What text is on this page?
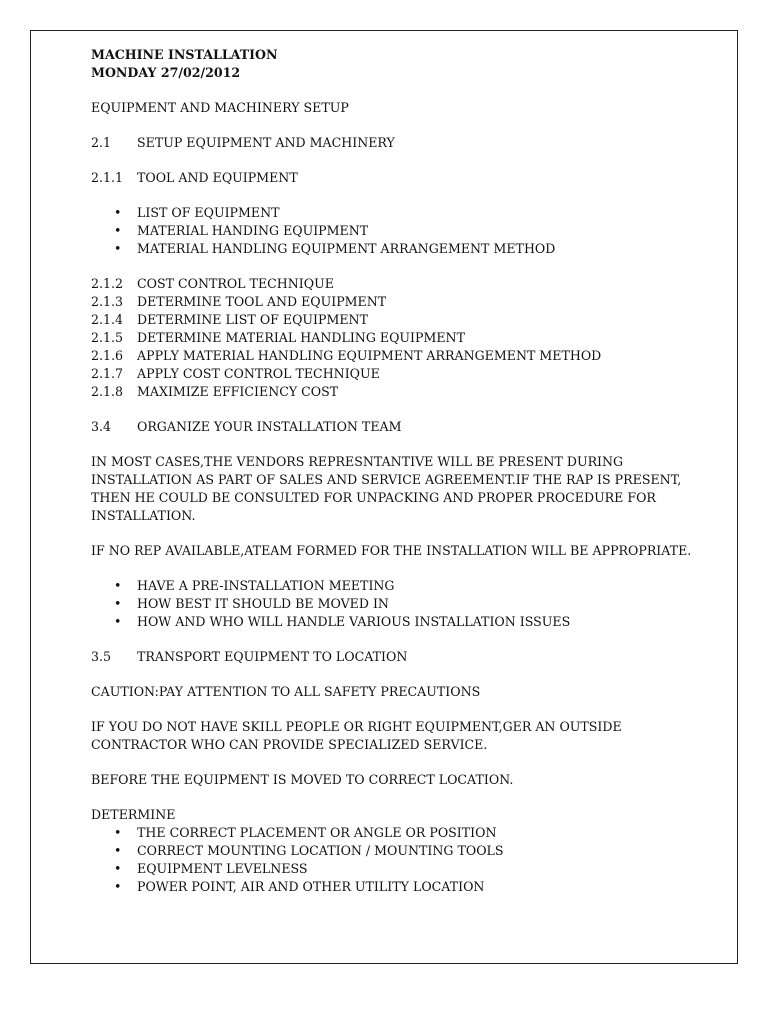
MACHINE INSTALLATION
MONDAY 27/02/2012
EQUIPMENT AND MACHINERY SETUP
2.1	SETUP EQUIPMENT AND MACHINERY
2.1.1	TOOL AND EQUIPMENT
• LIST OF EQUIPMENT
• MATERIAL HANDING EQUIPMENT
• MATERIAL HANDLING EQUIPMENT ARRANGEMENT METHOD
2.1.2	COST CONTROL TECHNIQUE
2.1.3	DETERMINE TOOL AND EQUIPMENT
2.1.4	DETERMINE LIST OF EQUIPMENT
2.1.5	DETERMINE MATERIAL HANDLING EQUIPMENT
2.1.6	APPLY MATERIAL HANDLING EQUIPMENT ARRANGEMENT METHOD
2.1.7	APPLY COST CONTROL TECHNIQUE
2.1.8	MAXIMIZE EFFICIENCY COST
3.4	ORGANIZE YOUR INSTALLATION TEAM
IN MOST CASES,THE VENDORS REPRESNTANTIVE WILL BE PRESENT DURING
INSTALLATION AS PART OF SALES AND SERVICE AGREEMENT.IF THE RAP IS PRESENT,
THEN HE COULD BE CONSULTED FOR UNPACKING AND PROPER PROCEDURE FOR
INSTALLATION.
IF NO REP AVAILABLE,ATEAM FORMED FOR THE INSTALLATION WILL BE APPROPRIATE.
• HAVE A PRE-INSTALLATION MEETING
• HOW BEST IT SHOULD BE MOVED IN
• HOW AND WHO WILL HANDLE VARIOUS INSTALLATION ISSUES
3.5	TRANSPORT EQUIPMENT TO LOCATION
CAUTION:PAY ATTENTION TO ALL SAFETY PRECAUTIONS
IF YOU DO NOT HAVE SKILL PEOPLE OR RIGHT EQUIPMENT,GER AN OUTSIDE
CONTRACTOR WHO CAN PROVIDE SPECIALIZED SERVICE.
BEFORE THE EQUIPMENT IS MOVED TO CORRECT LOCATION.
DETERMINE
• THE CORRECT PLACEMENT OR ANGLE OR POSITION
• CORRECT MOUNTING LOCATION / MOUNTING TOOLS
• EQUIPMENT LEVELNESS
• POWER POINT, AIR AND OTHER UTILITY LOCATION
